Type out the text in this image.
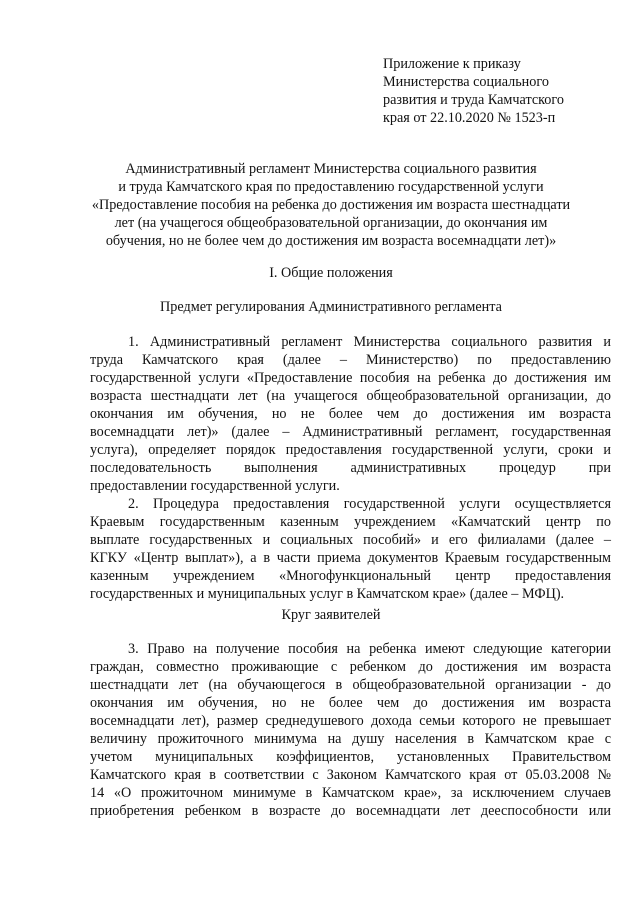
Приложение к приказу
Министерства социального
развития и труда Камчатского
края от 22.10.2020 № 1523-п
Административный регламент Министерства социального развития
и труда Камчатского края по предоставлению государственной услуги
«Предоставление пособия на ребенка до достижения им возраста шестнадцати
лет (на учащегося общеобразовательной организации, до окончания им
обучения, но не более чем до достижения им возраста восемнадцати лет)»
I. Общие положения
Предмет регулирования Административного регламента
1. Административный регламент Министерства социального развития и
труда Камчатского края (далее – Министерство) по предоставлению
государственной услуги «Предоставление пособия на ребенка до достижения им
возраста шестнадцати лет (на учащегося общеобразовательной организации, до
окончания им обучения, но не более чем до достижения им возраста
восемнадцати лет)» (далее – Административный регламент, государственная
услуга), определяет порядок предоставления государственной услуги, сроки и
последовательность выполнения административных процедур при
предоставлении государственной услуги.
2. Процедура предоставления государственной услуги осуществляется
Краевым государственным казенным учреждением «Камчатский центр по
выплате государственных и социальных пособий» и его филиалами (далее –
КГКУ «Центр выплат»), а в части приема документов Краевым государственным
казенным учреждением «Многофункциональный центр предоставления
государственных и муниципальных услуг в Камчатском крае» (далее – МФЦ).
Круг заявителей
3. Право на получение пособия на ребенка имеют следующие категории
граждан, совместно проживающие с ребенком до достижения им возраста
шестнадцати лет (на обучающегося в общеобразовательной организации - до
окончания им обучения, но не более чем до достижения им возраста
восемнадцати лет), размер среднедушевого дохода семьи которого не превышает
величину прожиточного минимума на душу населения в Камчатском крае с
учетом муниципальных коэффициентов, установленных Правительством
Камчатского края в соответствии с Законом Камчатского края от 05.03.2008 №
14 «О прожиточном минимуме в Камчатском крае», за исключением случаев
приобретения ребенком в возрасте до восемнадцати лет дееспособности или
